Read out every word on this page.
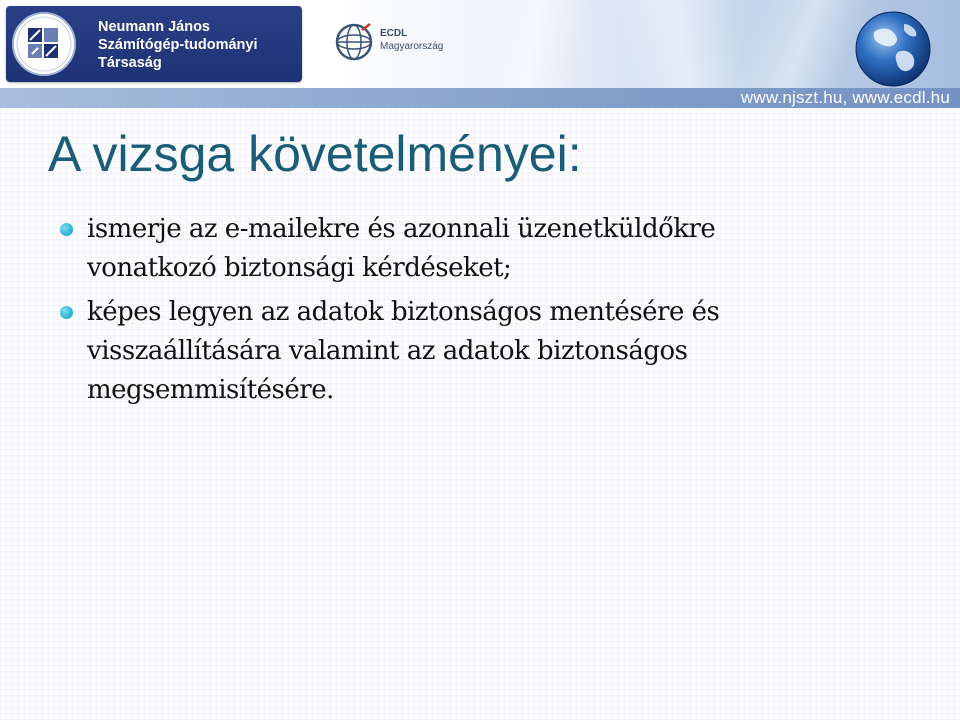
www.njszt.hu, www.ecdl.hu
Neumann János
Számítógép-tudományi
Társaság
ECDL
Magyarország
A vizsga követelményei:
ismerje az e-mailekre és azonnali üzenetküldőkre
vonatkozó biztonsági kérdéseket;
képes legyen az adatok biztonságos mentésére és
visszaállítására valamint az adatok biztonságos
megsemmisítésére.
